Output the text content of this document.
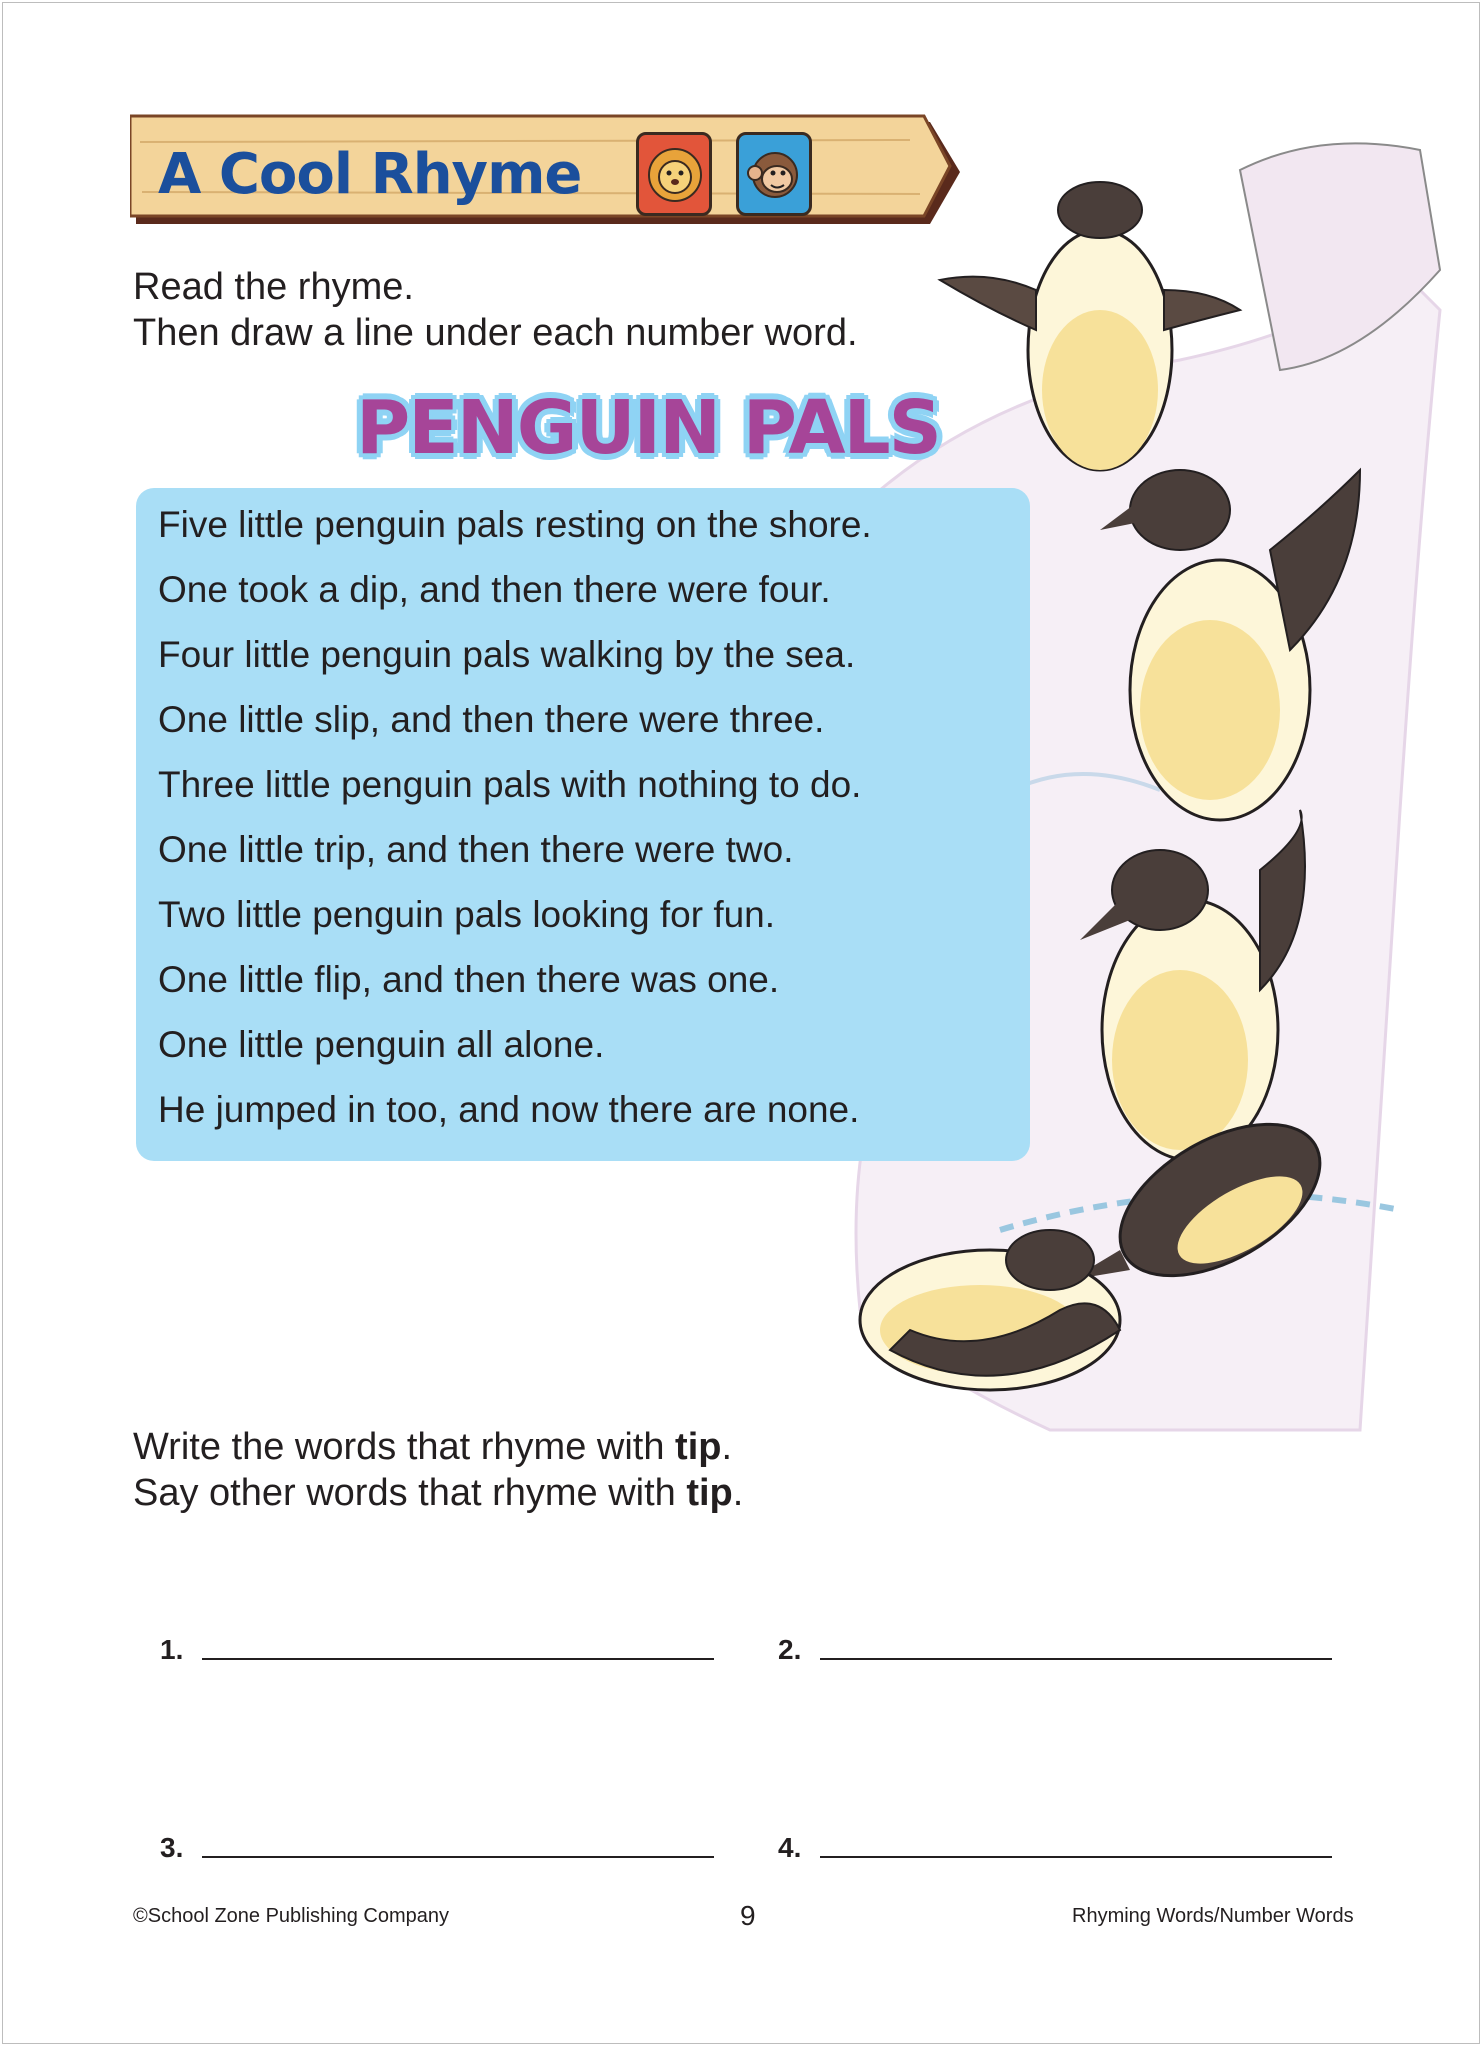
A Cool Rhyme
Read the rhyme.
Then draw a line under each number word.
PENGUIN PALS
Five little penguin pals resting on the shore.
One took a dip, and then there were four.
Four little penguin pals walking by the sea.
One little slip, and then there were three.
Three little penguin pals with nothing to do.
One little trip, and then there were two.
Two little penguin pals looking for fun.
One little flip, and then there was one.
One little penguin all alone.
He jumped in too, and now there are none.
Write the words that rhyme with tip.
Say other words that rhyme with tip.
1.	2.
3.	4.
©School Zone Publishing Company	9	Rhyming Words/Number Words
